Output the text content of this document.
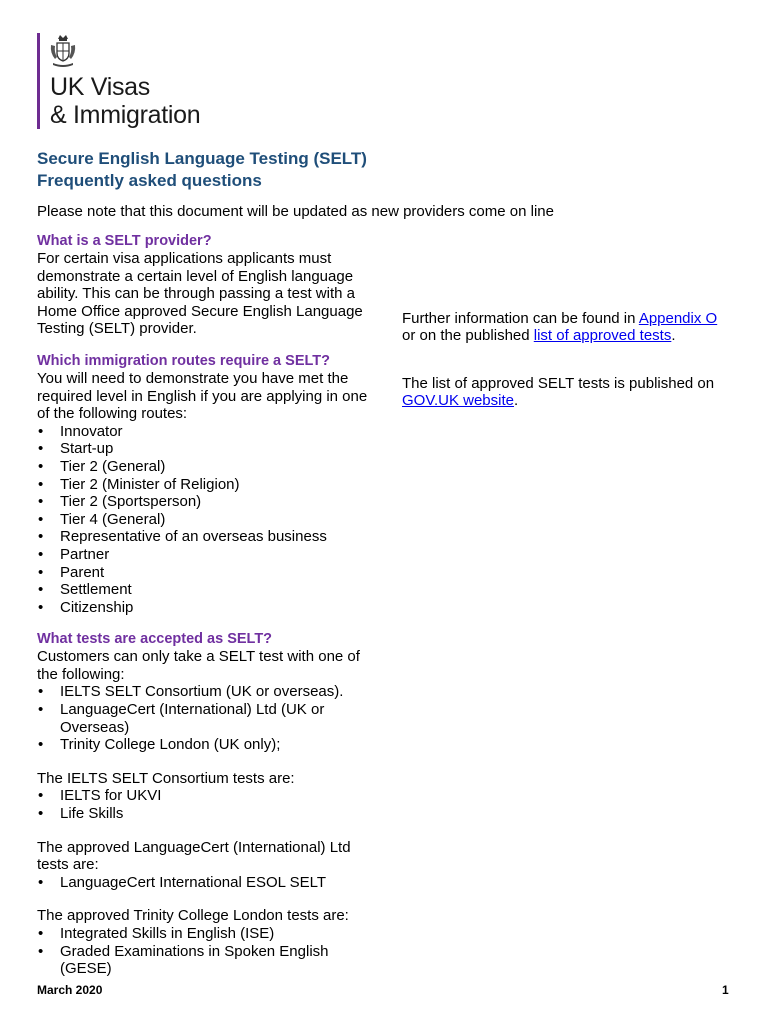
UK Visas
& Immigration
Secure English Language Testing (SELT)
Frequently asked questions
Please note that this document will be updated as new providers come on line

What is a SELT provider?

For certain visa applications applicants must demonstrate a certain level of English language ability. This can be through passing a test with a Home Office approved Secure English Language Testing (SELT) provider.

Which immigration routes require a SELT?

You will need to demonstrate you have met the required level in English if you are applying in one of the following routes:

• Innovator
• Start-up
• Tier 2 (General)
• Tier 2 (Minister of Religion)
• Tier 2 (Sportsperson)
• Tier 4 (General)
• Representative of an overseas business
• Partner
• Parent
• Settlement
• Citizenship

What tests are accepted as SELT?

Customers can only take a SELT test with one of the following:

• IELTS SELT Consortium (UK or overseas).
• LanguageCert (International) Ltd (UK or Overseas)
• Trinity College London (UK only);

The IELTS SELT Consortium tests are:

• IELTS for UKVI
• Life Skills

The approved LanguageCert (International) Ltd tests are:

• LanguageCert International ESOL SELT

The approved Trinity College London tests are:

• Integrated Skills in English (ISE)
• Graded Examinations in Spoken English (GESE)
Further information can be found in Appendix O
or on the published list of approved tests.
The list of approved SELT tests is published on
GOV.UK website.
March 2020	1
